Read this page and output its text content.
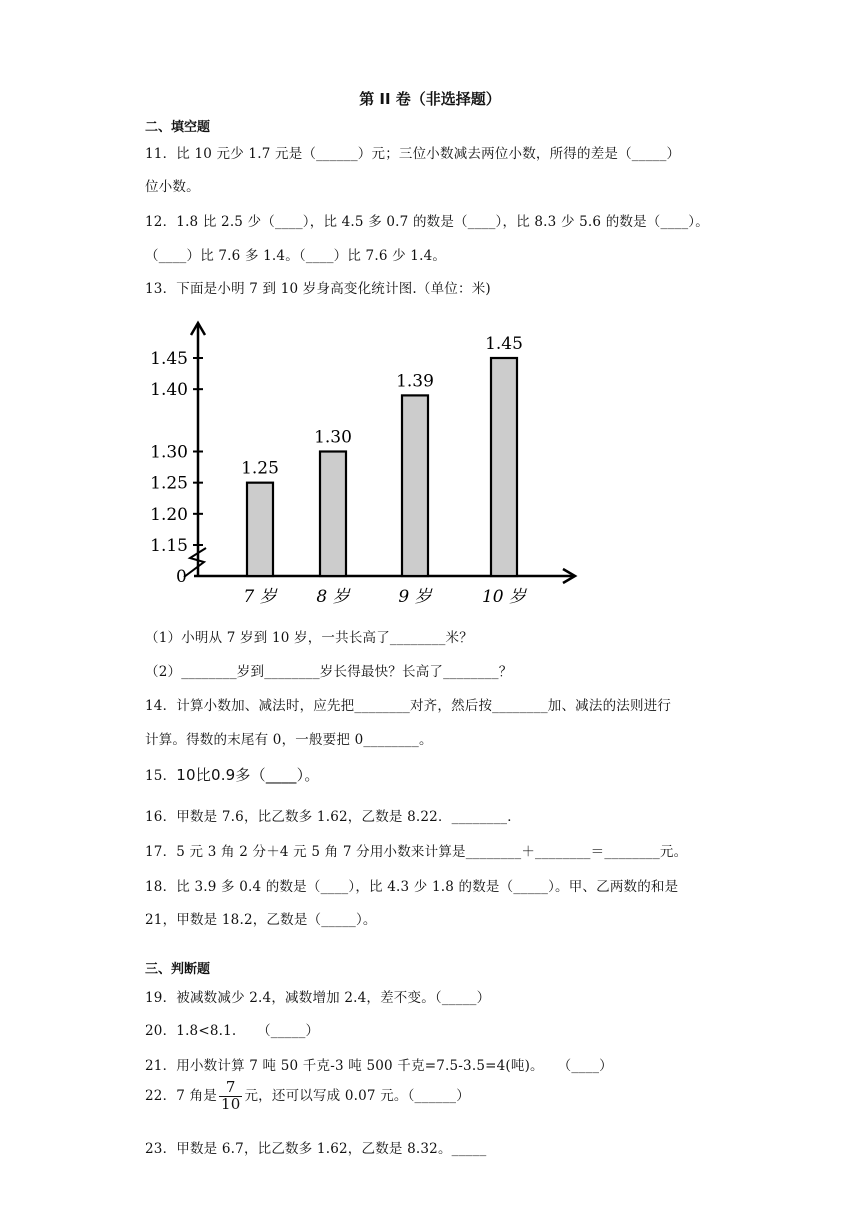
第 II 卷（非选择题）
二、填空题
11．比 10 元少 1.7 元是（______）元；三位小数减去两位小数，所得的差是（_____）
位小数。
12．1.8 比 2.5 少（____），比 4.5 多 0.7 的数是（____），比 8.3 少 5.6 的数是（____）。
（____）比 7.6 多 1.4。（____）比 7.6 少 1.4。
13．下面是小明 7 到 10 岁身高变化统计图.（单位：米)
0
1.15
1.20
1.25
1.30
1.40
1.45
1.25
7 岁
1.30
8 岁
1.39
9 岁
1.45
10 岁
（1）小明从 7 岁到 10 岁，一共长高了________米？
（2）________岁到________岁长得最快？长高了________？
14．计算小数加、减法时，应先把________对齐，然后按________加、减法的法则进行
计算。得数的末尾有 0，一般要把 0________。
15．10比0.9多（____）。
16．甲数是 7.6，比乙数多 1.62，乙数是 8.22．________．
17．5 元 3 角 2 分＋4 元 5 角 7 分用小数来计算是________＋________＝________元。
18．比 3.9 多 0.4 的数是（____），比 4.3 少 1.8 的数是（_____）。甲、乙两数的和是
21，甲数是 18.2，乙数是（_____）。
三、判断题
19．被减数减少 2.4，减数增加 2.4，差不变。（_____）
20．1.8<8.1.　　（_____）
21．用小数计算 7 吨 50 千克-3 吨 500 千克=7.5-3.5=4(吨)。　　（____）
22．7 角是 $\frac{7}{10}$ 元，还可以写成 0.07 元。（______）
23．甲数是 6.7，比乙数多 1.62，乙数是 8.32。_____
